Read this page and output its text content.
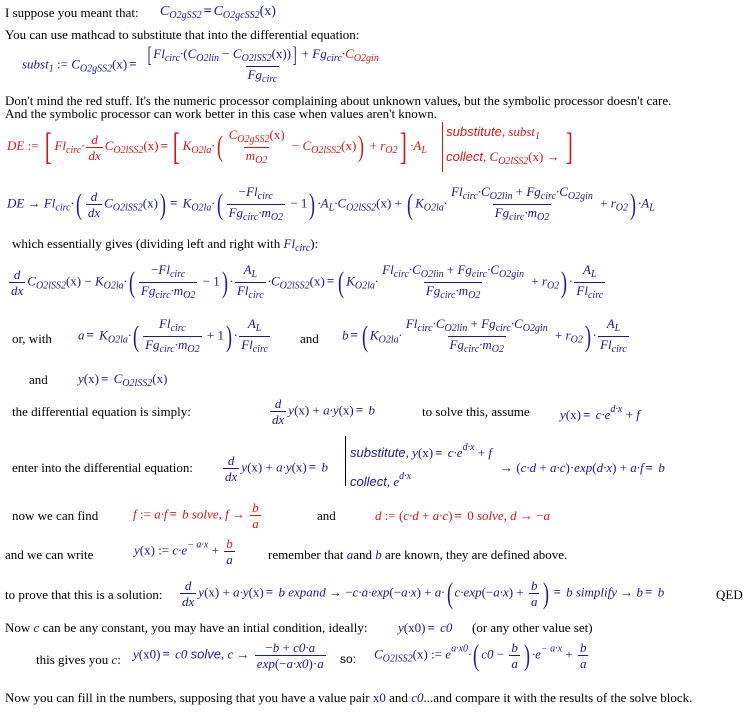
I suppose you meant that: $C_{O2gSS2} = C_{O2gcSS2}(x)$
You can use mathcad to substitute that into the differential equation:
subst$_1$ := $C_{O2gSS2}(x) = \frac{[ Fl_{circ}\cdot(C_{O2lin} - C_{O2lSS2}(x))] + Fg_{circ}\cdot C_{O2gin}}{Fg_{circ}}$
Don't mind the red stuff. It's the numeric processor complaining about unknown values, but the symbolic processor doesn't care.
And the symbolic processor can work better in this case when values aren't known.
DE := [ $Fl_{circ}\cdot \frac{d}{dx} C_{O2lSS2}(x)$ = [ $K_{O2la}\cdot( \frac{C_{O2gSS2}(x)}{m_{O2}} - C_{O2lSS2}(x)) + r_{O2}] \cdot A_L$ substitute, subst$_1$
collect, $C_{O2lSS2}(x)$ → ]
DE → $Fl_{circ}\cdot( \frac{d}{dx} C_{O2lSS2}(x)) = K_{O2la}\cdot( \frac{-Fl_{circ}}{Fg_{circ}\cdot m_{O2}} - 1) \cdot A_L\cdot C_{O2lSS2}(x)$ + ( $K_{O2la}\cdot \frac{Fl_{circ}\cdot C_{O2lin} + Fg_{circ}\cdot C_{O2gin}}{Fg_{circ}\cdot m_{O2}} + r_{O2}) \cdot A_L$
which essentially gives (dividing left and right with $Fl_{circ}$):
$\frac{d}{dx} C_{O2lSS2}(x) - K_{O2la}\cdot( \frac{-Fl_{circ}}{Fg_{circ}\cdot m_{O2}} - 1) \cdot \frac{A_L}{Fl_{circ}} \cdot C_{O2lSS2}(x)$ = ( $K_{O2la}\cdot \frac{Fl_{circ}\cdot C_{O2lin} + Fg_{circ}\cdot C_{O2gin}}{Fg_{circ}\cdot m_{O2}} + r_{O2}) \cdot \frac{A_L}{Fl_{circ}}$
or, with $a = K_{O2la}\cdot( \frac{Fl_{circ}}{Fg_{circ}\cdot m_{O2}} + 1) \cdot \frac{A_L}{Fl_{circ}}$ and b = ( $K_{O2la}\cdot \frac{Fl_{circ}\cdot C_{O2lin} + Fg_{circ}\cdot C_{O2gin}}{Fg_{circ}\cdot m_{O2}} + r_{O2}) \cdot \frac{A_L}{Fl_{circ}}$
and $y(x) = C_{O2lSS2}(x)$
the differential equation is simply:	$\frac{d}{dx} y(x) + a\cdot y(x) = b$	to solve this, assume $y(x) = c\cdot e^{d\cdot x} + f$
enter into the differential equation: $\frac{d}{dx} y(x) + a\cdot y(x) = b$
substitute, $y(x) = c\cdot e^{d\cdot x} + f$
collect, $e^{d\cdot x}$
→ (c·d + a·c)·exp(d·x) + a·f = b
now we can find	f := a·f = b solve, $f \to \frac{b}{a}$	and	d := (c·d + a·c) = 0 solve, d → −a
and we can write	y(x) := $c\cdot e^{- a\cdot x} + \frac{b}{a}$	remember that aand b are known, they are defined above.
to prove that this is a solution: $\frac{d}{dx} y(x) + a\cdot y(x) = b$ expand → −c·a·exp(−a·x) + a·( $c\cdot\exp(-a\cdot x) + \frac{b}{a}$ ) = b simplify → b = b	QED
Now c can be any constant, you may have an intial condition, ideally: y(x0) = c0 (or any other value set)
this gives you c: y(x0) = c0 solve, $c \to \frac{-b + c0\cdot a}{\exp(-a\cdot x0)\cdot a}$ so: $C_{O2lSS2}(x)$ := $e^{a\cdot x0}\cdot$( $c0 - \frac{b}{a}$ ) $\cdot e^{- a\cdot x} + \frac{b}{a}$
Now you can fill in the numbers, supposing that you have a value pair x0 and c0...and compare it with the results of the solve block.
